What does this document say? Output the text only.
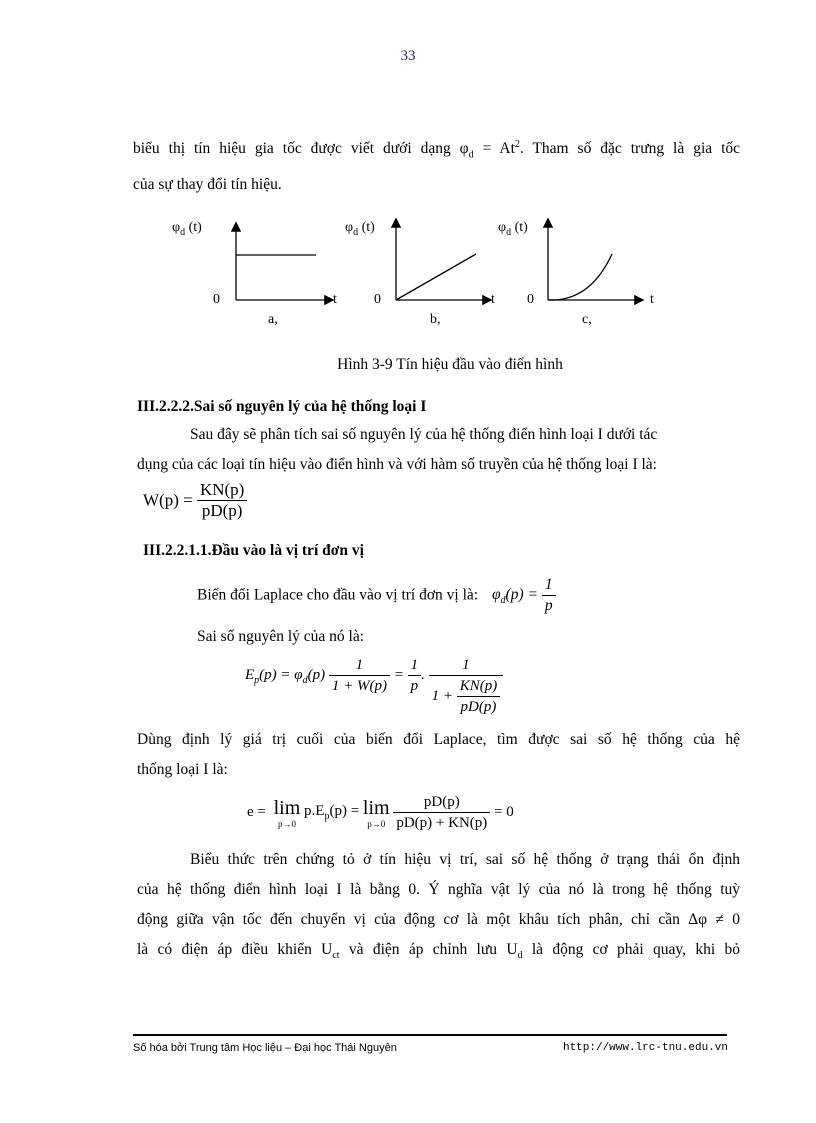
33
biểu thị tín hiệu gia tốc được viết dưới dạng $\varphi_d = At^2$. Tham số đặc trưng là gia tốc
của sự thay đổi tín hiệu.
$\varphi_d$ (t)	$\varphi_d$ (t)	$\varphi_d$ (t)
0	0	0
t	t	t
a,	b,	c,
Hình 3-9 Tín hiệu đầu vào điển hình
III.2.2.2.Sai số nguyên lý của hệ thống loại I
Sau đây sẽ phân tích sai số nguyên lý của hệ thống điển hình loại I dưới tác
dụng của các loại tín hiệu vào điển hình và với hàm số truyền của hệ thống loại I là:
$W(p) = \frac{KN(p)}{pD(p)}$
III.2.2.1.1.Đầu vào là vị trí đơn vị
Biến đổi Laplace cho đầu vào vị trí đơn vị là: $\varphi_d(p) = \frac{1}{p}$
Sai số nguyên lý của nó là:
$E_p(p) = \varphi_d(p) \frac{1}{1 + W(p)} = \frac{1}{p}$ . $\frac{1}{1 + \frac{KN(p)}{pD(p)}}$
Dùng định lý giá trị cuối của biến đổi Laplace, tìm được sai số hệ thống của hệ
thống loại I là:
e = lim
p→0
$p.E_p(p) = \lim$
p→0
$\frac{pD(p)}{pD(p) + KN(p)} = 0$
Biểu thức trên chứng tỏ ở tín hiệu vị trí, sai số hệ thống ở trạng thái ổn định
của hệ thống điển hình loại I là bằng 0. Ý nghĩa vật lý của nó là trong hệ thống tuỳ
động giữa vận tốc đến chuyển vị của động cơ là một khâu tích phân, chỉ cần Δφ ≠ 0
là có điện áp điều khiển $U_{ct}$ và điện áp chỉnh lưu $U_d$ là động cơ phải quay, khi bỏ
Số hóa bởi Trung tâm Học liệu – Đại học Thái Nguyên	http://www.lrc-tnu.edu.vn
